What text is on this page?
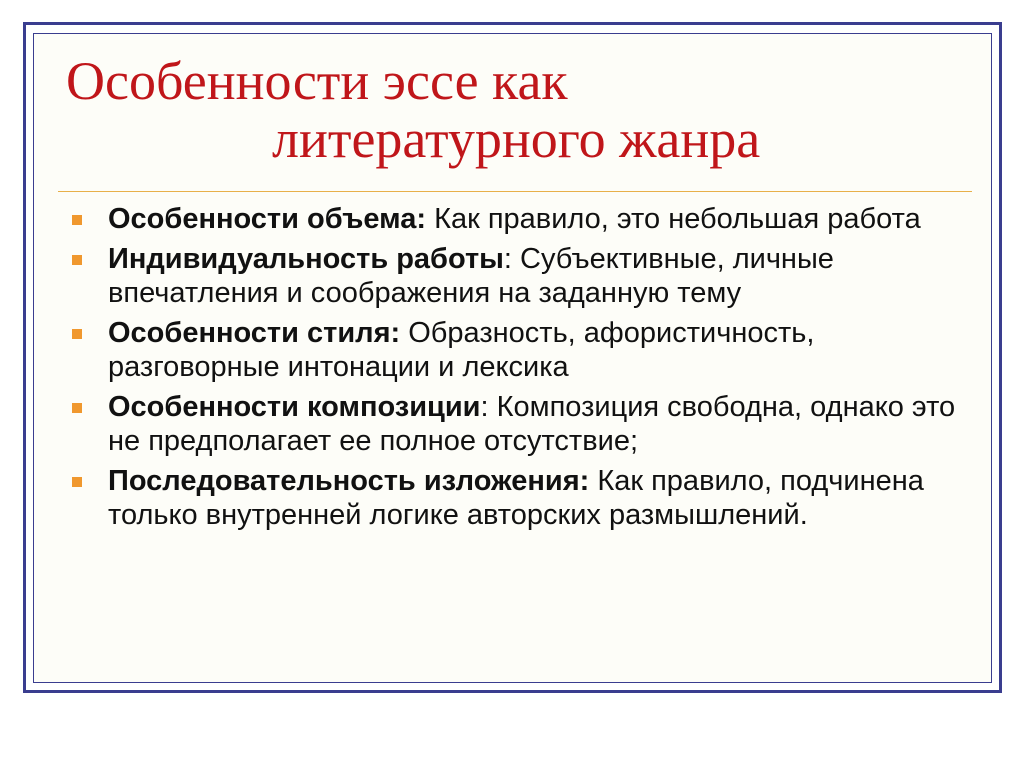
Особенности эссе как
литературного жанра
Особенности объема: Как правило, это небольшая работа
Индивидуальность работы: Субъективные, личные впечатления и соображения на заданную тему
Особенности стиля: Образность, афористичность, разговорные интонации и лексика
Особенности композиции: Композиция свободна, однако это не предполагает ее полное отсутствие;
Последовательность изложения: Как правило, подчинена только внутренней логике авторских размышлений.
